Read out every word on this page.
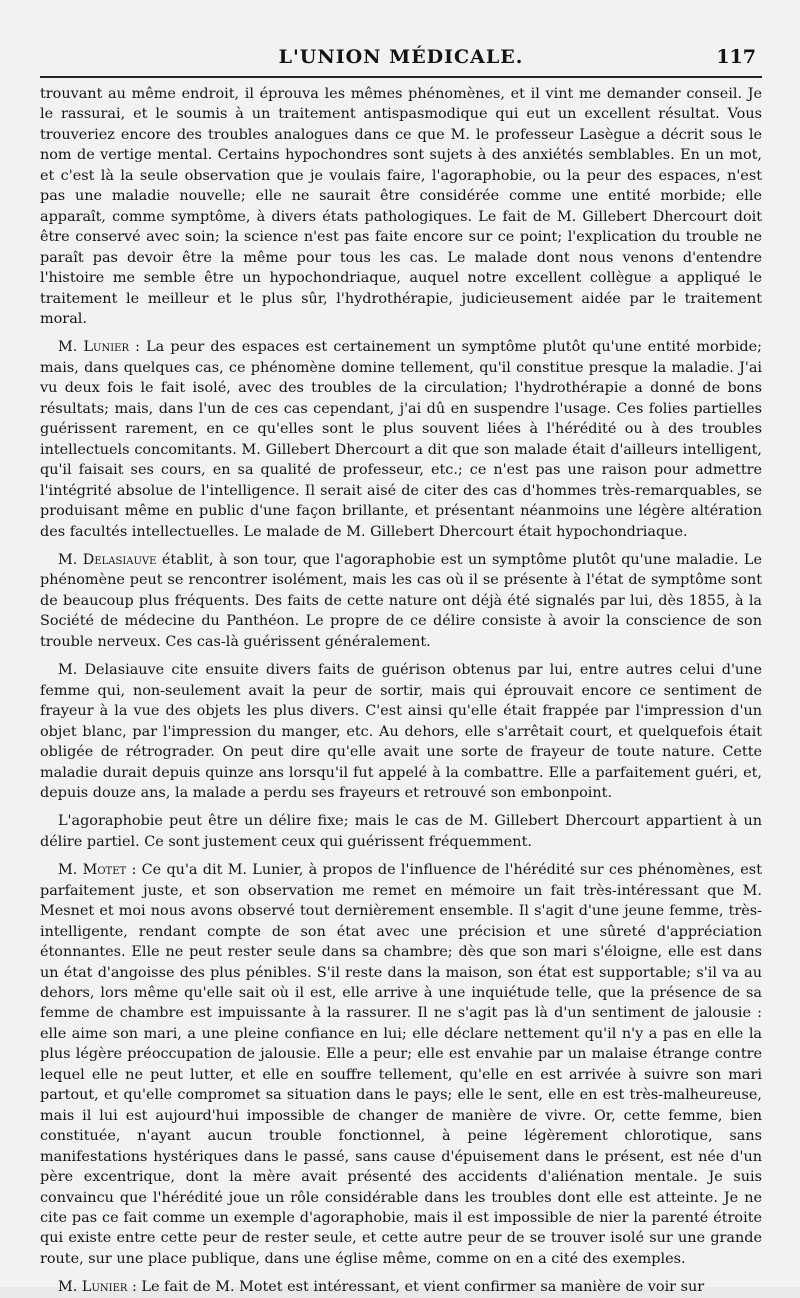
L'UNION MÉDICALE.	117

trouvant au même endroit, il éprouva les mêmes phénomènes, et il vint me demander conseil. Je le rassurai, et le soumis à un traitement antispasmodique qui eut un excellent résultat. Vous trouveriez encore des troubles analogues dans ce que M. le professeur Lasègue a décrit sous le nom de vertige mental. Certains hypochondres sont sujets à des anxiétés semblables. En un mot, et c'est là la seule observation que je voulais faire, l'agoraphobie, ou la peur des espaces, n'est pas une maladie nouvelle; elle ne saurait être considérée comme une entité morbide; elle apparaît, comme symptôme, à divers états pathologiques. Le fait de M. Gillebert Dhercourt doit être conservé avec soin; la science n'est pas faite encore sur ce point; l'explication du trouble ne paraît pas devoir être la même pour tous les cas. Le malade dont nous venons d'entendre l'histoire me semble être un hypochondriaque, auquel notre excellent collègue a appliqué le traitement le meilleur et le plus sûr, l'hydrothérapie, judicieusement aidée par le traitement moral.

M. Lunier : La peur des espaces est certainement un symptôme plutôt qu'une entité morbide; mais, dans quelques cas, ce phénomène domine tellement, qu'il constitue presque la maladie. J'ai vu deux fois le fait isolé, avec des troubles de la circulation; l'hydrothérapie a donné de bons résultats; mais, dans l'un de ces cas cependant, j'ai dû en suspendre l'usage. Ces folies partielles guérissent rarement, en ce qu'elles sont le plus souvent liées à l'hérédité ou à des troubles intellectuels concomitants. M. Gillebert Dhercourt a dit que son malade était d'ailleurs intelligent, qu'il faisait ses cours, en sa qualité de professeur, etc.; ce n'est pas une raison pour admettre l'intégrité absolue de l'intelligence. Il serait aisé de citer des cas d'hommes très-remarquables, se produisant même en public d'une façon brillante, et présentant néanmoins une légère altération des facultés intellectuelles. Le malade de M. Gillebert Dhercourt était hypochondriaque.

M. Delasiauve établit, à son tour, que l'agoraphobie est un symptôme plutôt qu'une maladie. Le phénomène peut se rencontrer isolément, mais les cas où il se présente à l'état de symptôme sont de beaucoup plus fréquents. Des faits de cette nature ont déjà été signalés par lui, dès 1855, à la Société de médecine du Panthéon. Le propre de ce délire consiste à avoir la conscience de son trouble nerveux. Ces cas-là guérissent généralement.

M. Delasiauve cite ensuite divers faits de guérison obtenus par lui, entre autres celui d'une femme qui, non-seulement avait la peur de sortir, mais qui éprouvait encore ce sentiment de frayeur à la vue des objets les plus divers. C'est ainsi qu'elle était frappée par l'impression d'un objet blanc, par l'impression du manger, etc. Au dehors, elle s'arrêtait court, et quelquefois était obligée de rétrograder. On peut dire qu'elle avait une sorte de frayeur de toute nature. Cette maladie durait depuis quinze ans lorsqu'il fut appelé à la combattre. Elle a parfaitement guéri, et, depuis douze ans, la malade a perdu ses frayeurs et retrouvé son embonpoint.

L'agoraphobie peut être un délire fixe; mais le cas de M. Gillebert Dhercourt appartient à un délire partiel. Ce sont justement ceux qui guérissent fréquemment.

M. Motet : Ce qu'a dit M. Lunier, à propos de l'influence de l'hérédité sur ces phénomènes, est parfaitement juste, et son observation me remet en mémoire un fait très-intéressant que M. Mesnet et moi nous avons observé tout dernièrement ensemble. Il s'agit d'une jeune femme, très-intelligente, rendant compte de son état avec une précision et une sûreté d'appréciation étonnantes. Elle ne peut rester seule dans sa chambre; dès que son mari s'éloigne, elle est dans un état d'angoisse des plus pénibles. S'il reste dans la maison, son état est supportable; s'il va au dehors, lors même qu'elle sait où il est, elle arrive à une inquiétude telle, que la présence de sa femme de chambre est impuissante à la rassurer. Il ne s'agit pas là d'un sentiment de jalousie : elle aime son mari, a une pleine confiance en lui; elle déclare nettement qu'il n'y a pas en elle la plus légère préoccupation de jalousie. Elle a peur; elle est envahie par un malaise étrange contre lequel elle ne peut lutter, et elle en souffre tellement, qu'elle en est arrivée à suivre son mari partout, et qu'elle compromet sa situation dans le pays; elle le sent, elle en est très-malheureuse, mais il lui est aujourd'hui impossible de changer de manière de vivre. Or, cette femme, bien constituée, n'ayant aucun trouble fonctionnel, à peine légèrement chlorotique, sans manifestations hystériques dans le passé, sans cause d'épuisement dans le présent, est née d'un père excentrique, dont la mère avait présenté des accidents d'aliénation mentale. Je suis convaincu que l'hérédité joue un rôle considérable dans les troubles dont elle est atteinte. Je ne cite pas ce fait comme un exemple d'agoraphobie, mais il est impossible de nier la parenté étroite qui existe entre cette peur de rester seule, et cette autre peur de se trouver isolé sur une grande route, sur une place publique, dans une église même, comme on en a cité des exemples.

M. Lunier : Le fait de M. Motet est intéressant, et vient confirmer sa manière de voir sur
